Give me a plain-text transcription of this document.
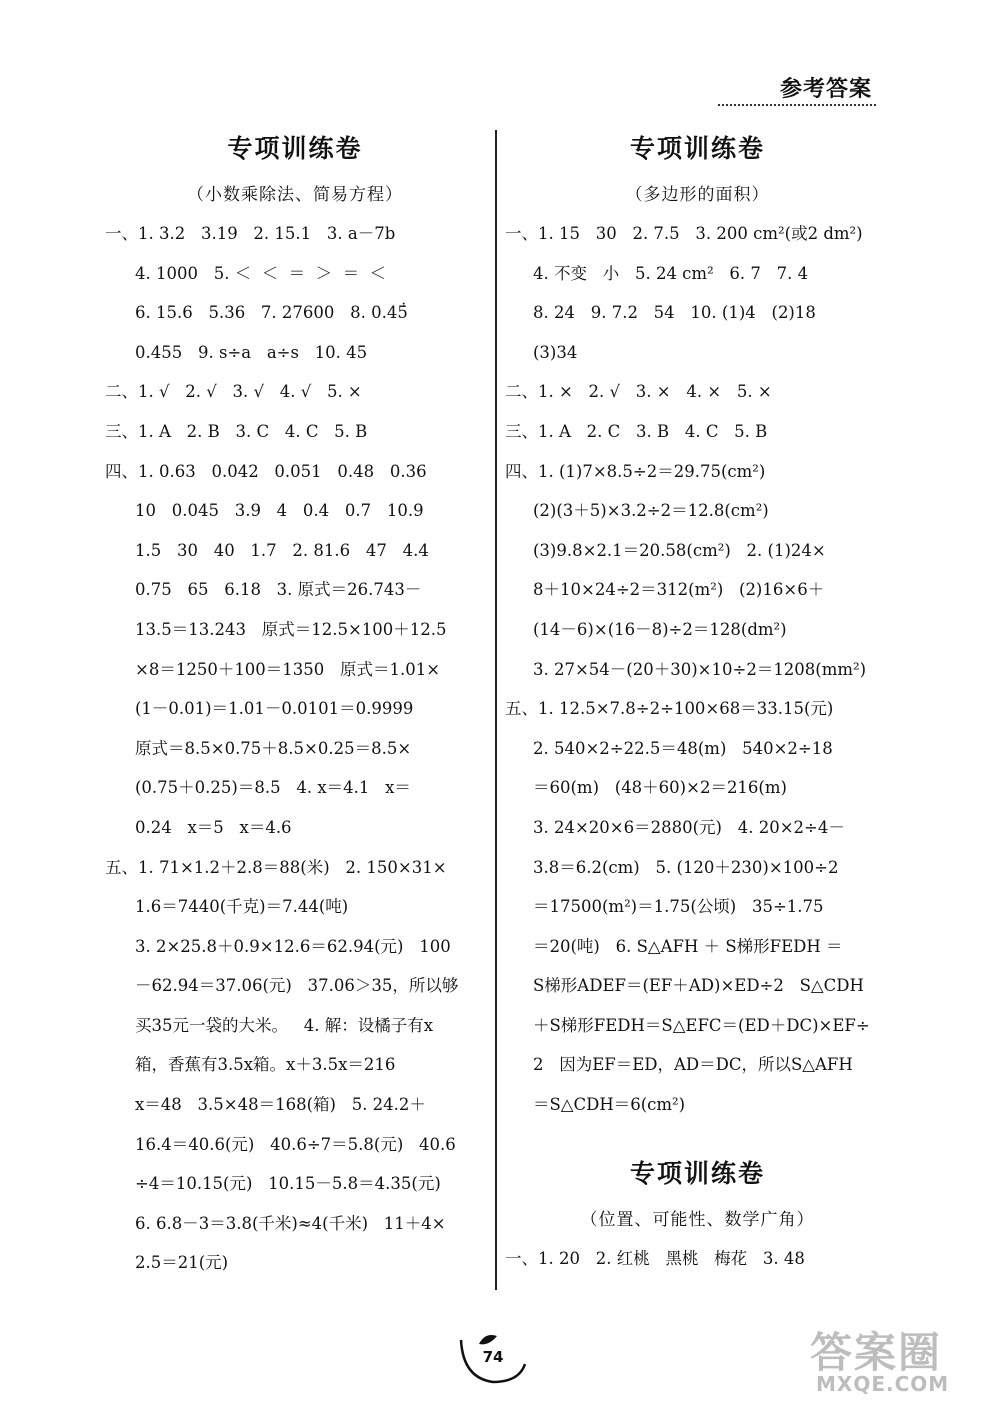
参考答案
专项训练卷
（小数乘除法、简易方程）
一、1. 3.2   3.19   2. 15.1   3. a－7b
4. 1000   5. ＜  ＜  ＝  ＞  ＝  ＜
6. 15.6   5.36   7. 27600   8. 0.45̇̇
0.455   9. s÷a   a÷s   10. 45
二、1. √   2. √   3. √   4. √   5. ×
三、1. A   2. B   3. C   4. C   5. B
四、1. 0.63   0.042   0.051   0.48   0.36
10   0.045   3.9   4   0.4   0.7   10.9
1.5   30   40   1.7   2. 81.6   47   4.4
0.75   65   6.18   3. 原式＝26.743－
13.5＝13.243   原式＝12.5×100＋12.5
×8＝1250＋100＝1350   原式＝1.01×
(1－0.01)＝1.01－0.0101＝0.9999
原式＝8.5×0.75＋8.5×0.25＝8.5×
(0.75＋0.25)＝8.5   4. x＝4.1   x＝
0.24   x＝5   x＝4.6
五、1. 71×1.2＋2.8＝88(米)   2. 150×31×
1.6＝7440(千克)＝7.44(吨)
3. 2×25.8＋0.9×12.6＝62.94(元)   100
－62.94＝37.06(元)   37.06＞35，所以够
买35元一袋的大米。   4. 解：设橘子有x
箱，香蕉有3.5x箱。x＋3.5x＝216
x＝48   3.5×48＝168(箱)   5. 24.2＋
16.4＝40.6(元)   40.6÷7＝5.8(元)   40.6
÷4＝10.15(元)   10.15－5.8＝4.35(元)
6. 6.8－3＝3.8(千米)≈4(千米)   11＋4×
2.5＝21(元)
专项训练卷
（多边形的面积）
一、1. 15   30   2. 7.5   3. 200 cm²(或2 dm²)
4. 不变   小   5. 24 cm²   6. 7   7. 4
8. 24   9. 7.2   54   10. (1)4   (2)18
(3)34
二、1. ×   2. √   3. ×   4. ×   5. ×
三、1. A   2. C   3. B   4. C   5. B
四、1. (1)7×8.5÷2＝29.75(cm²)
(2)(3＋5)×3.2÷2＝12.8(cm²)
(3)9.8×2.1＝20.58(cm²)   2. (1)24×
8＋10×24÷2＝312(m²)   (2)16×6＋
(14－6)×(16－8)÷2＝128(dm²)
3. 27×54－(20＋30)×10÷2＝1208(mm²)
五、1. 12.5×7.8÷2÷100×68＝33.15(元)
2. 540×2÷22.5＝48(m)   540×2÷18
＝60(m)   (48＋60)×2＝216(m)
3. 24×20×6＝2880(元)   4. 20×2÷4－
3.8＝6.2(cm)   5. (120＋230)×100÷2
＝17500(m²)＝1.75(公顷)   35÷1.75
＝20(吨)   6. S△AFH ＋ S梯形FEDH ＝
S梯形ADEF＝(EF＋AD)×ED÷2   S△CDH
＋S梯形FEDH＝S△EFC＝(ED＋DC)×EF÷
2   因为EF＝ED，AD＝DC，所以S△AFH
＝S△CDH＝6(cm²)
专项训练卷
（位置、可能性、数学广角）
一、1. 20   2. 红桃   黑桃   梅花   3. 48
74	答案圈
MXQE.COM
